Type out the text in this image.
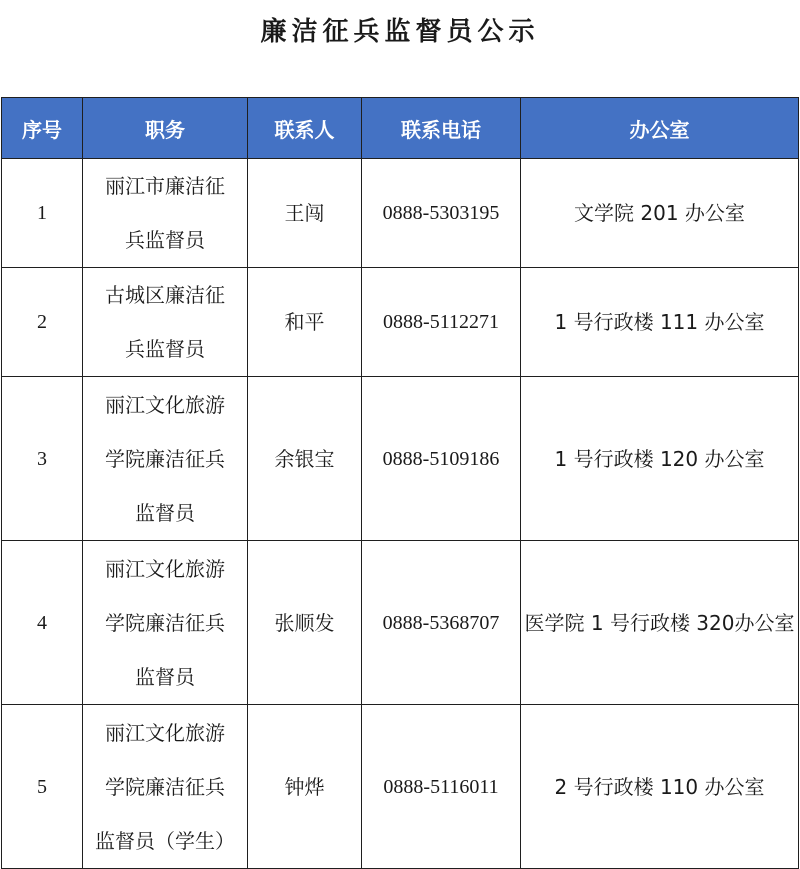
廉洁征兵监督员公示
序号	职务	联系人	联系电话	办公室
1	丽江市廉洁征
兵监督员	王闯	0888-5303195	文学院 201 办公室
2	古城区廉洁征
兵监督员	和平	0888-5112271	1 号行政楼 111 办公室
3	丽江文化旅游
学院廉洁征兵
监督员	余银宝	0888-5109186	1 号行政楼 120 办公室
4	丽江文化旅游
学院廉洁征兵
监督员	张顺发	0888-5368707	医学院 1 号行政楼 320办公室
5	丽江文化旅游
学院廉洁征兵
监督员（学生）	钟烨	0888-5116011	2 号行政楼 110 办公室
